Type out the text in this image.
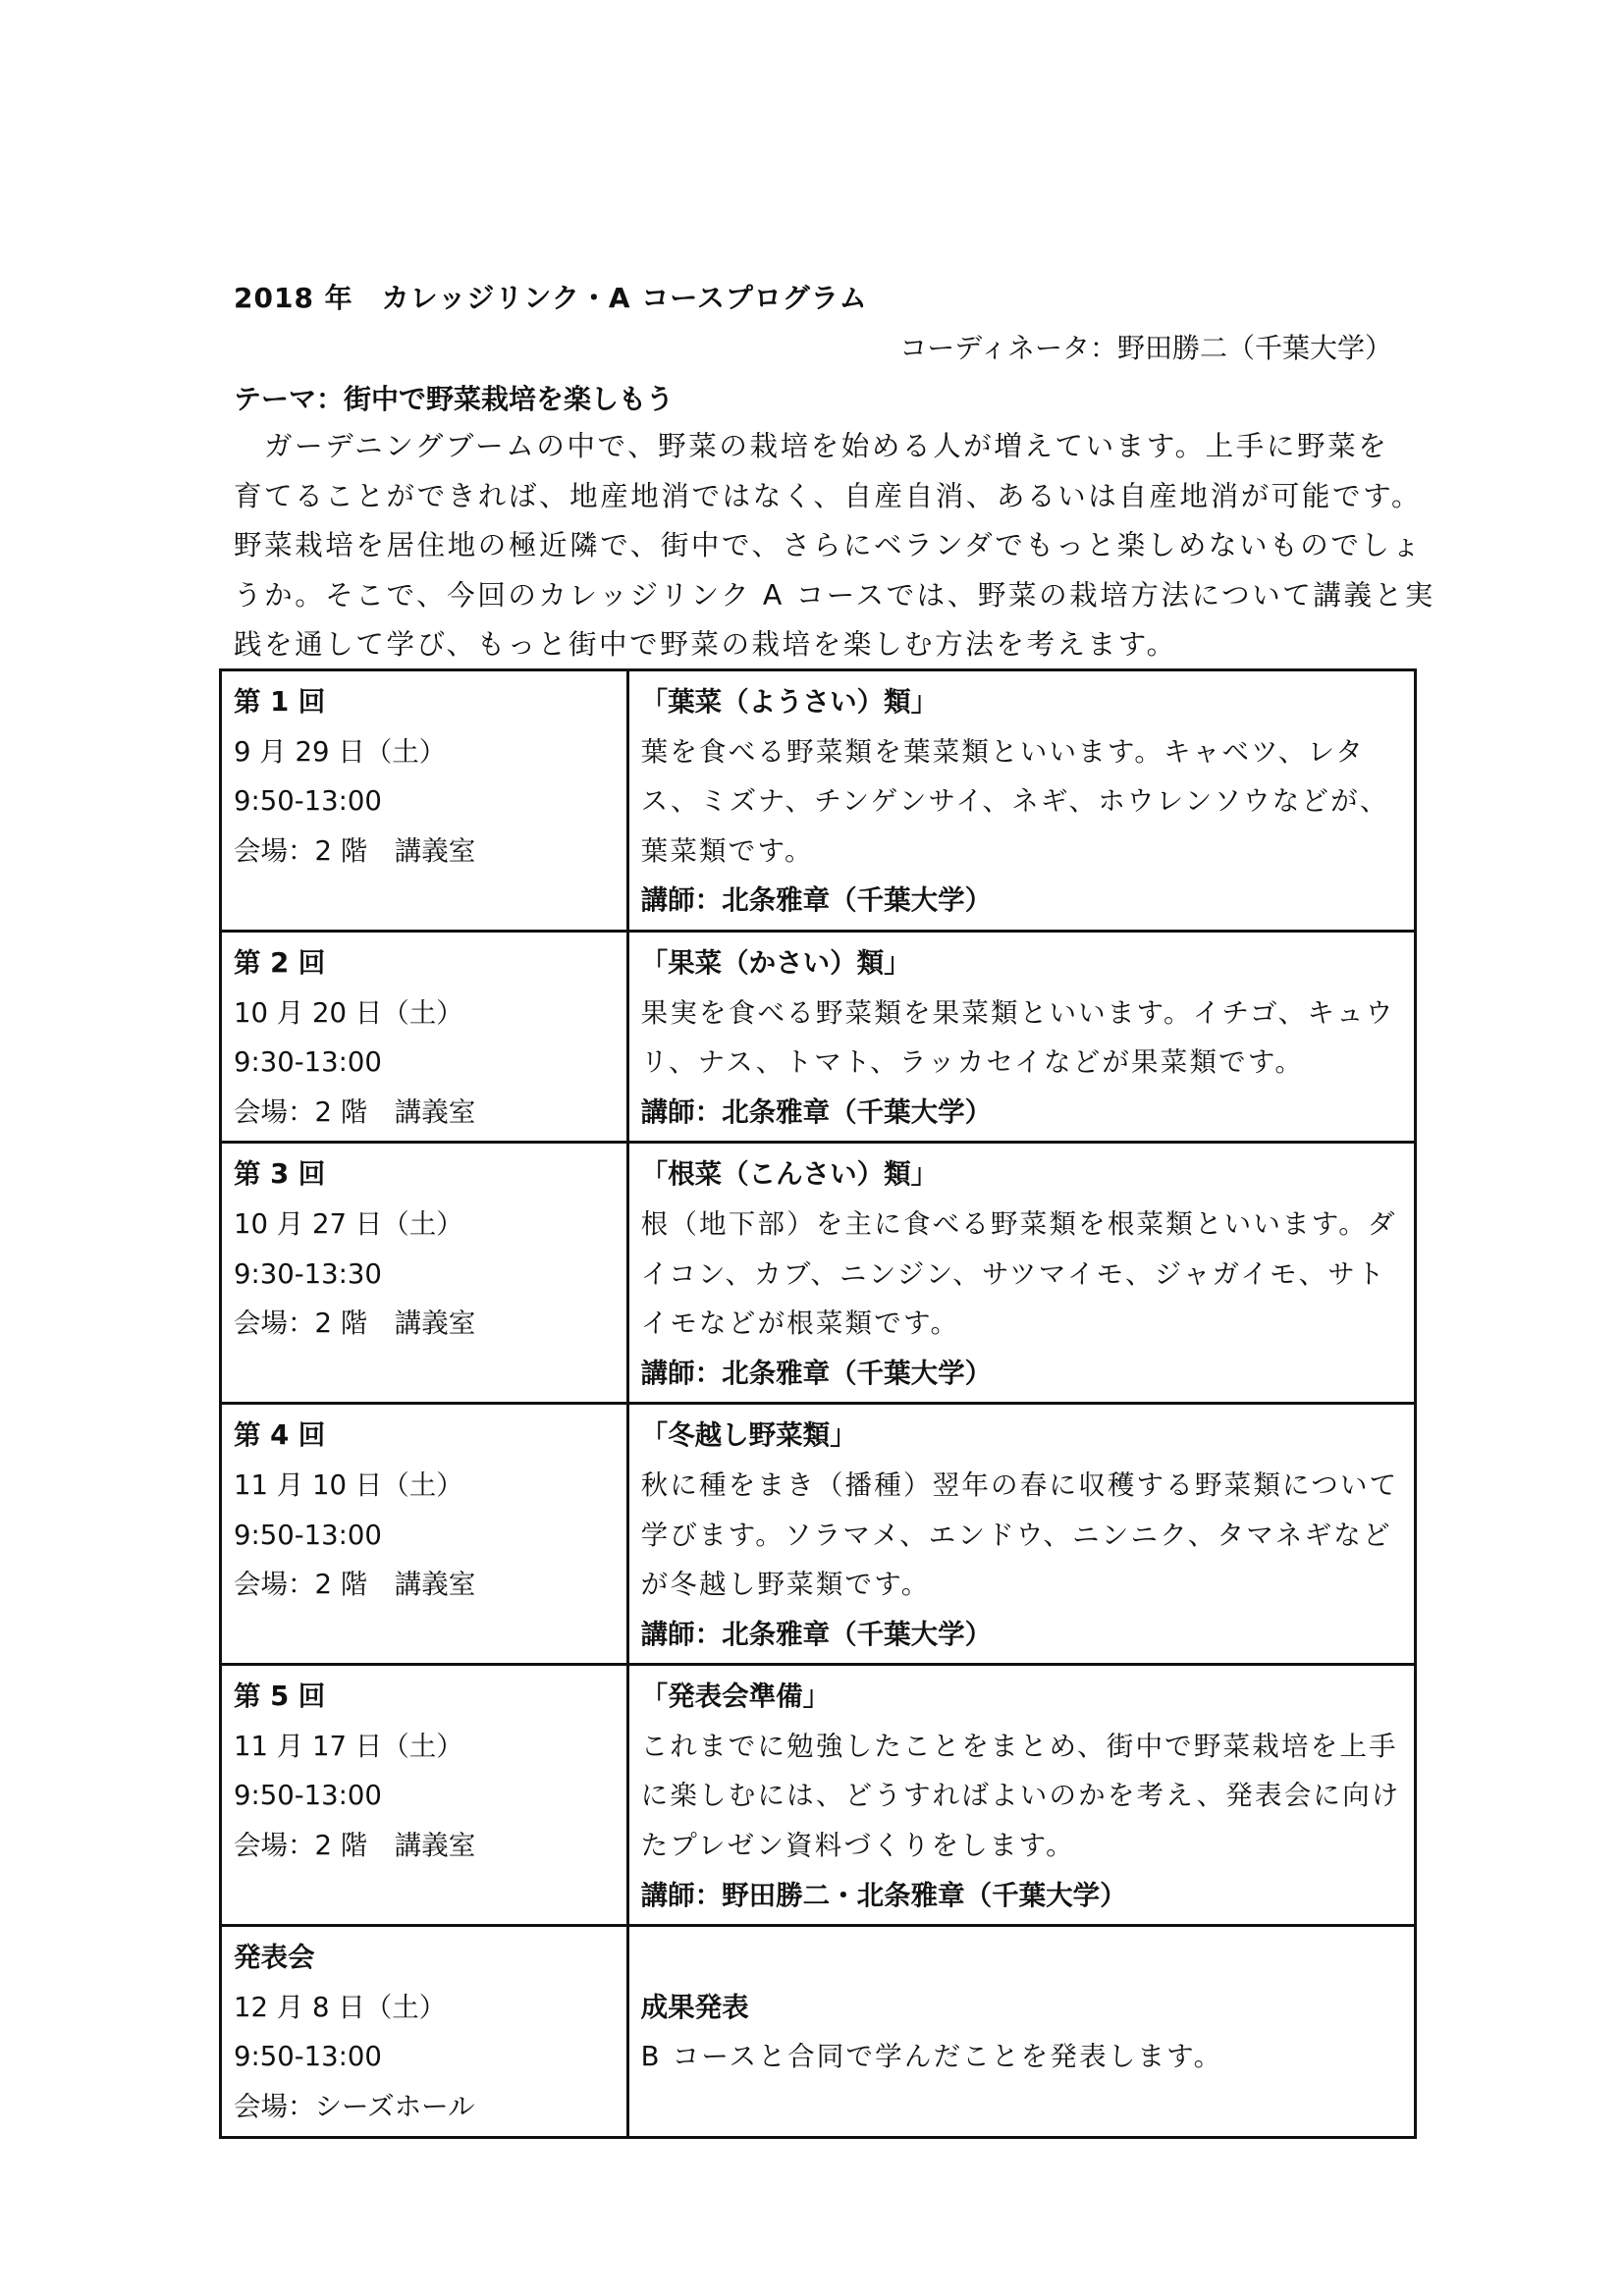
2018 年　カレッジリンク・A コースプログラム
コーディネータ：野田勝二（千葉大学）
テーマ：街中で野菜栽培を楽しもう
ガーデニングブームの中で、野菜の栽培を始める人が増えています。上手に野菜を
育てることができれば、地産地消ではなく、自産自消、あるいは自産地消が可能です。
野菜栽培を居住地の極近隣で、街中で、さらにベランダでもっと楽しめないものでしょ
うか。そこで、今回のカレッジリンク A コースでは、野菜の栽培方法について講義と実
践を通して学び、もっと街中で野菜の栽培を楽しむ方法を考えます。
第 1 回
9 月 29 日（土）
9:50-13:00
会場：2 階　講義室	「葉菜（ようさい）類」
葉を食べる野菜類を葉菜類といいます。キャベツ、レタス、ミズナ、チンゲンサイ、ネギ、ホウレンソウなどが、葉菜類です。
講師：北条雅章（千葉大学）

第 2 回
10 月 20 日（土）
9:30-13:00
会場：2 階　講義室	「果菜（かさい）類」
果実を食べる野菜類を果菜類といいます。イチゴ、キュウリ、ナス、トマト、ラッカセイなどが果菜類です。
講師：北条雅章（千葉大学）

第 3 回
10 月 27 日（土）
9:30-13:30
会場：2 階　講義室	「根菜（こんさい）類」
根（地下部）を主に食べる野菜類を根菜類といいます。ダイコン、カブ、ニンジン、サツマイモ、ジャガイモ、サトイモなどが根菜類です。
講師：北条雅章（千葉大学）

第 4 回
11 月 10 日（土）
9:50-13:00
会場：2 階　講義室	「冬越し野菜類」
秋に種をまき（播種）翌年の春に収穫する野菜類について学びます。ソラマメ、エンドウ、ニンニク、タマネギなどが冬越し野菜類です。
講師：北条雅章（千葉大学）

第 5 回
11 月 17 日（土）
9:50-13:00
会場：2 階　講義室	「発表会準備」
これまでに勉強したことをまとめ、街中で野菜栽培を上手に楽しむには、どうすればよいのかを考え、発表会に向けたプレゼン資料づくりをします。
講師：野田勝二・北条雅章（千葉大学）

発表会
12 月 8 日（土）
9:50-13:00
会場：シーズホール	成果発表
B コースと合同で学んだことを発表します。
